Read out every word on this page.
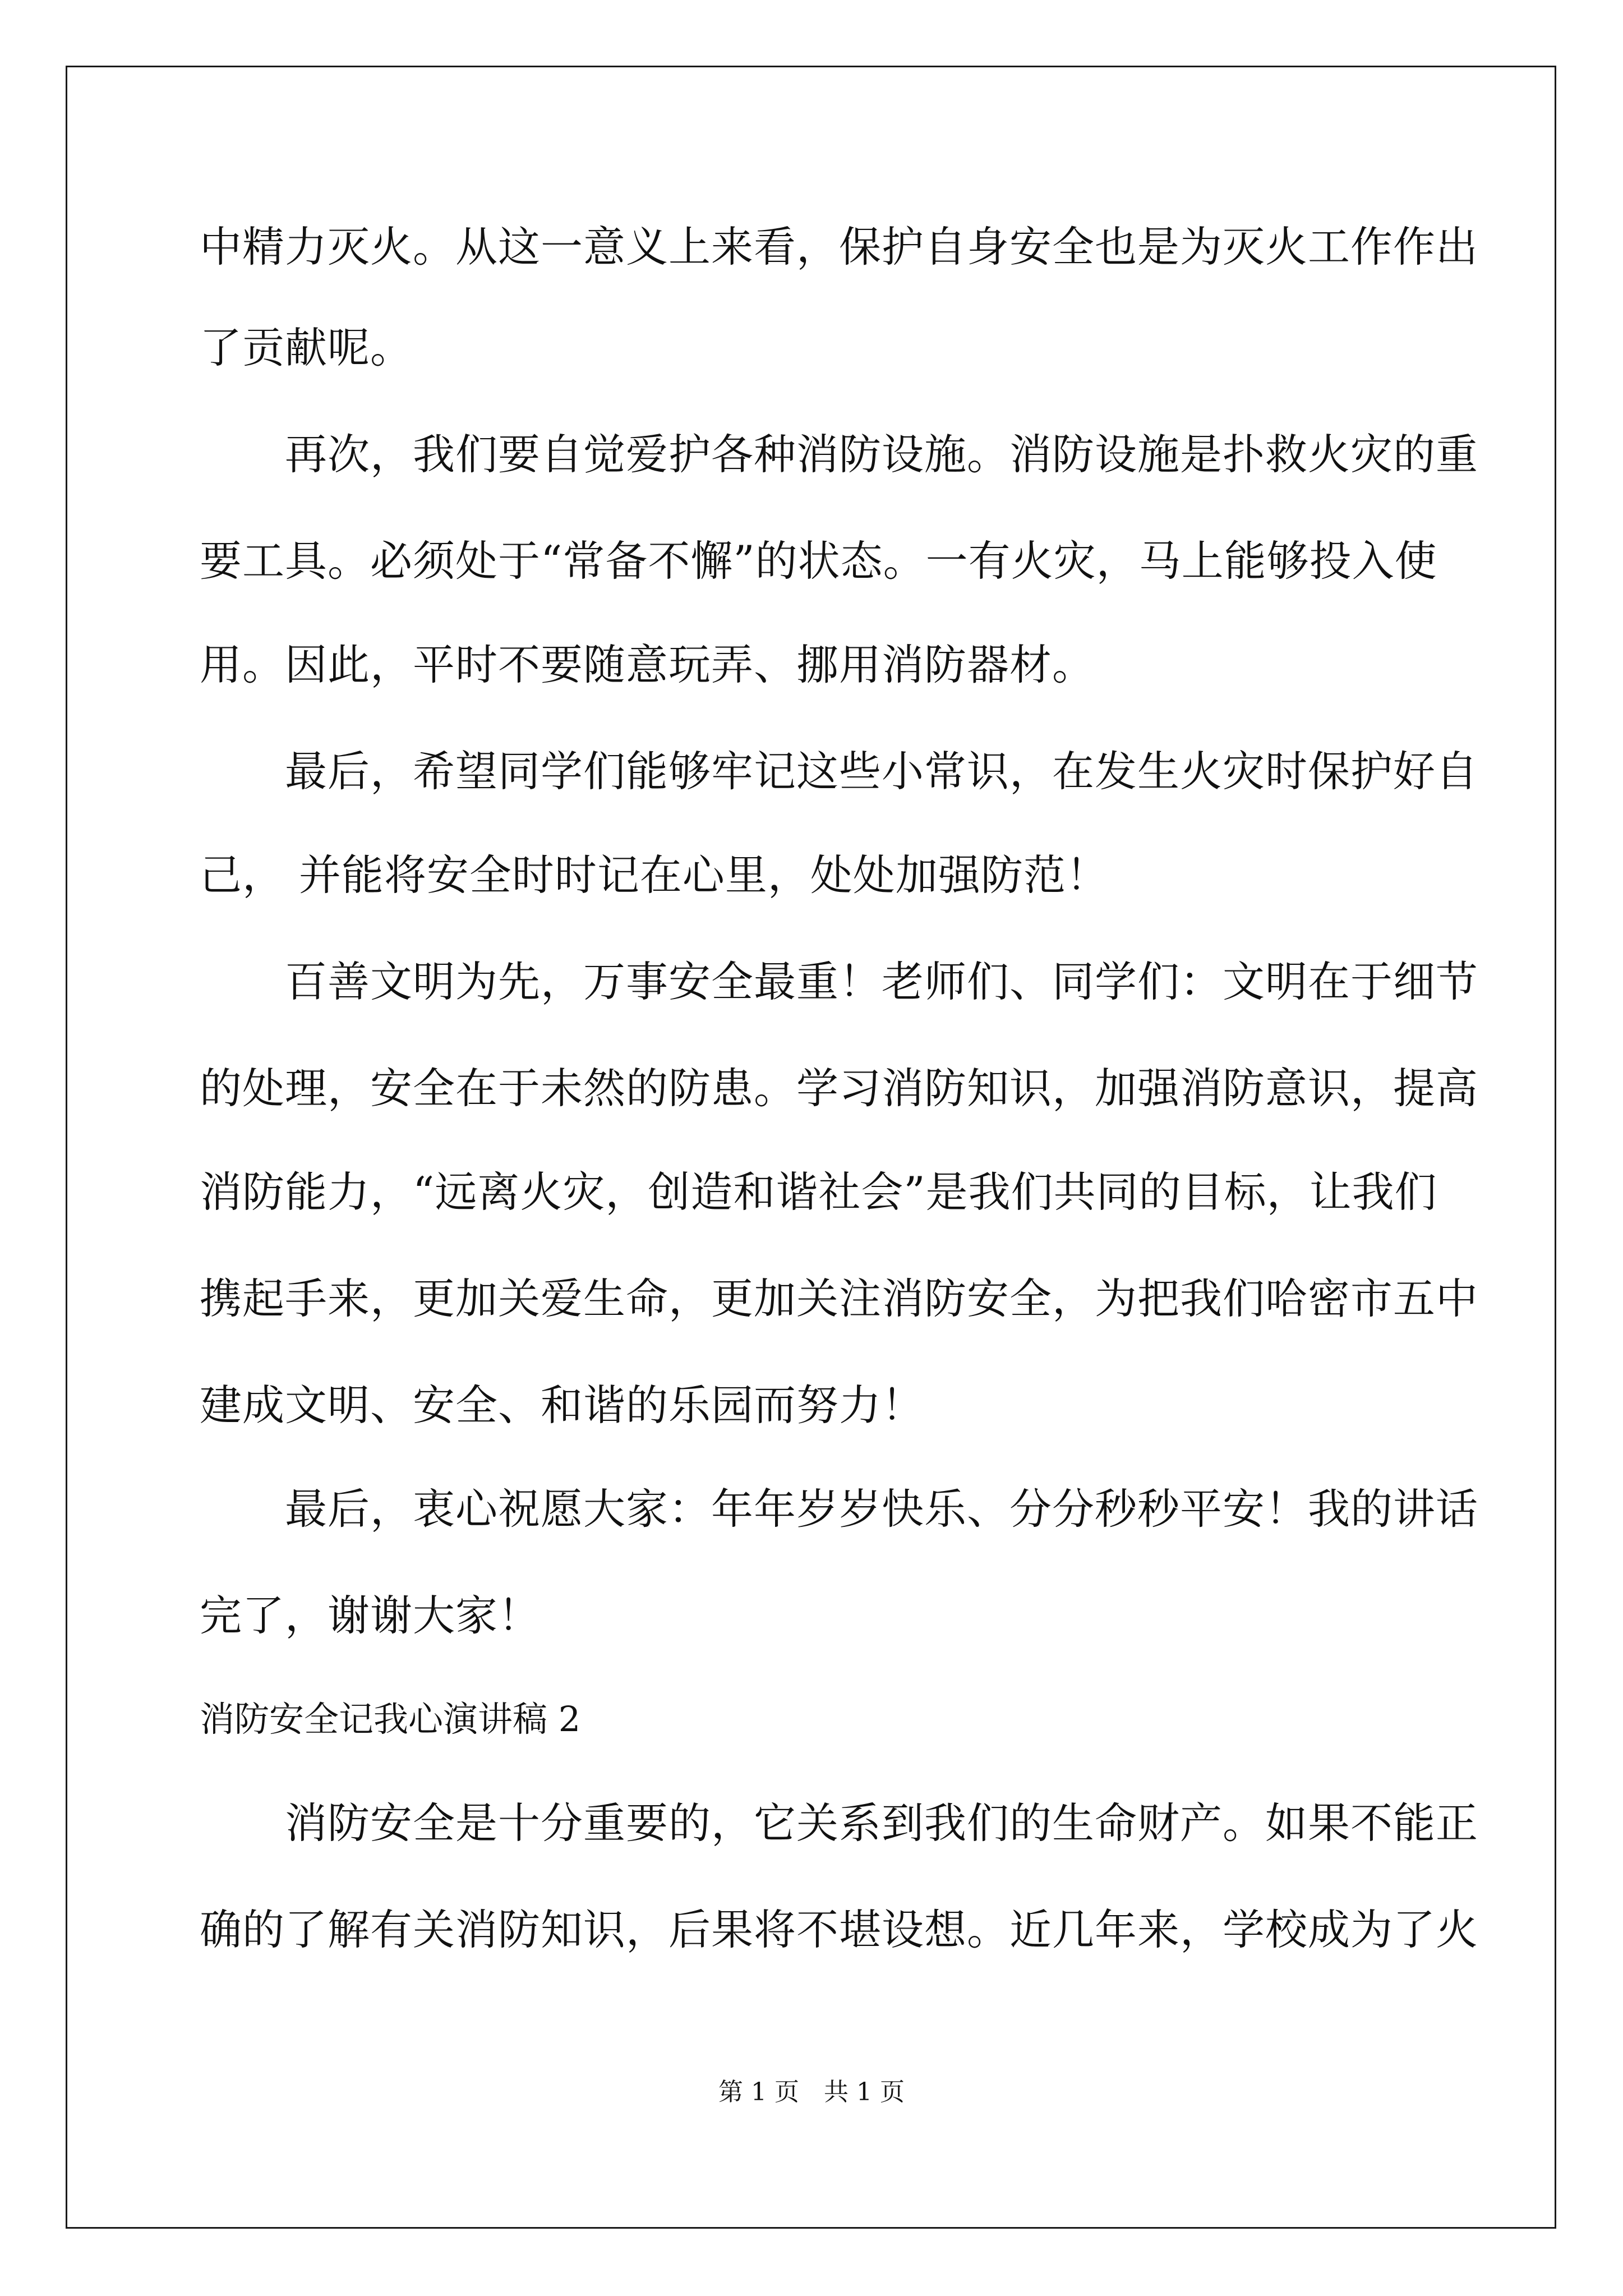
中精力灭火。从这一意义上来看，保护自身安全也是为灭火工作作出
了贡献呢。
　　再次，我们要自觉爱护各种消防设施。消防设施是扑救火灾的重
要工具。必须处于“常备不懈”的状态。一有火灾，马上能够投入使
用。因此，平时不要随意玩弄、挪用消防器材。
　　最后，希望同学们能够牢记这些小常识，在发生火灾时保护好自
己， 并能将安全时时记在心里，处处加强防范！
　　百善文明为先，万事安全最重！老师们、同学们：文明在于细节
的处理，安全在于未然的防患。学习消防知识，加强消防意识，提高
消防能力，“远离火灾，创造和谐社会”是我们共同的目标，让我们
携起手来，更加关爱生命，更加关注消防安全，为把我们哈密市五中
建成文明、安全、和谐的乐园而努力！
　　最后，衷心祝愿大家：年年岁岁快乐、分分秒秒平安！我的讲话
完了，谢谢大家！
消防安全记我心演讲稿 2
　　消防安全是十分重要的，它关系到我们的生命财产。如果不能正
确的了解有关消防知识，后果将不堪设想。近几年来，学校成为了火
第 1 页　共 1 页
